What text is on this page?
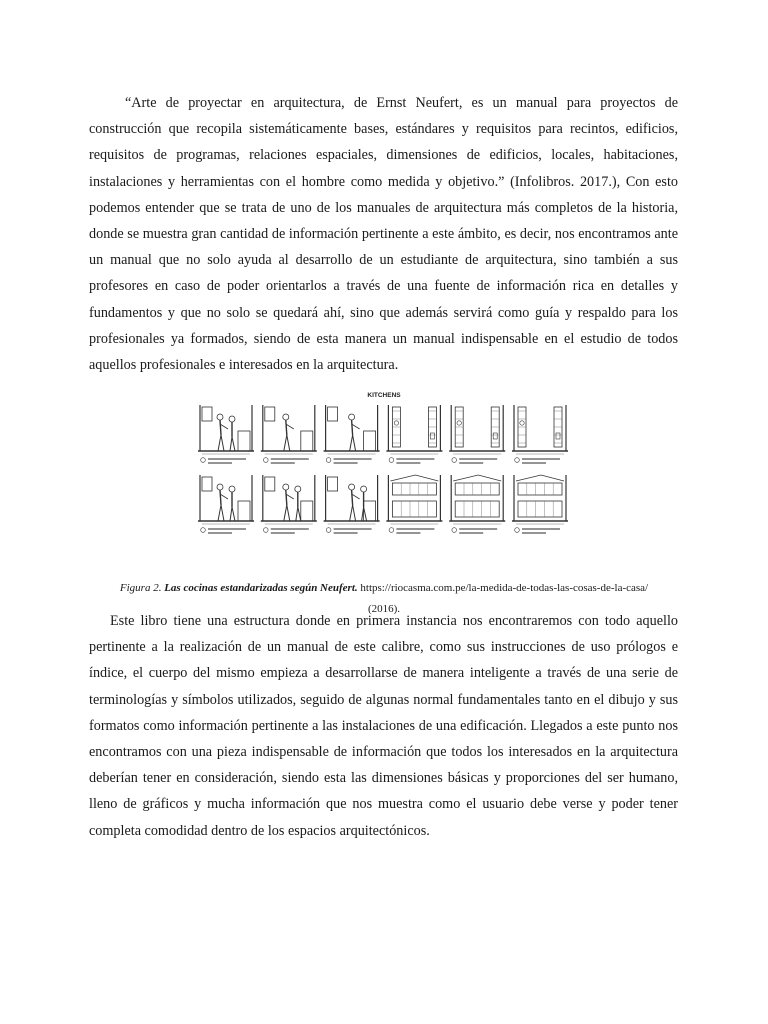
“Arte de proyectar en arquitectura, de Ernst Neufert, es un manual para proyectos de construcción que recopila sistemáticamente bases, estándares y requisitos para recintos, edificios, requisitos de programas, relaciones espaciales, dimensiones de edificios, locales, habitaciones, instalaciones y herramientas con el hombre como medida y objetivo.” (Infolibros. 2017.), Con esto podemos entender que se trata de uno de los manuales de arquitectura más completos de la historia, donde se muestra gran cantidad de información pertinente a este ámbito, es decir, nos encontramos ante un manual que no solo ayuda al desarrollo de un estudiante de arquitectura, sino también a sus profesores en caso de poder orientarlos a través de una fuente de información rica en detalles y fundamentos y que no solo se quedará ahí, sino que además servirá como guía y respaldo para los profesionales ya formados, siendo de esta manera un manual indispensable en el estudio de todos aquellos profesionales e interesados en la arquitectura.

KITCHENS

Figura 2. Las cocinas estandarizadas según Neufert. https://riocasma.com.pe/la-medida-de-todas-las-cosas-de-la-casa/ (2016).

Este libro tiene una estructura donde en primera instancia nos encontraremos con todo aquello pertinente a la realización de un manual de este calibre, como sus instrucciones de uso prólogos e índice, el cuerpo del mismo empieza a desarrollarse de manera inteligente a través de una serie de terminologías y símbolos utilizados, seguido de algunas normal fundamentales tanto en el dibujo y sus formatos como información pertinente a las instalaciones de una edificación. Llegados a este punto nos encontramos con una pieza indispensable de información que todos los interesados en la arquitectura deberían tener en consideración, siendo esta las dimensiones básicas y proporciones del ser humano, lleno de gráficos y mucha información que nos muestra como el usuario debe verse y poder tener completa comodidad dentro de los espacios arquitectónicos.
